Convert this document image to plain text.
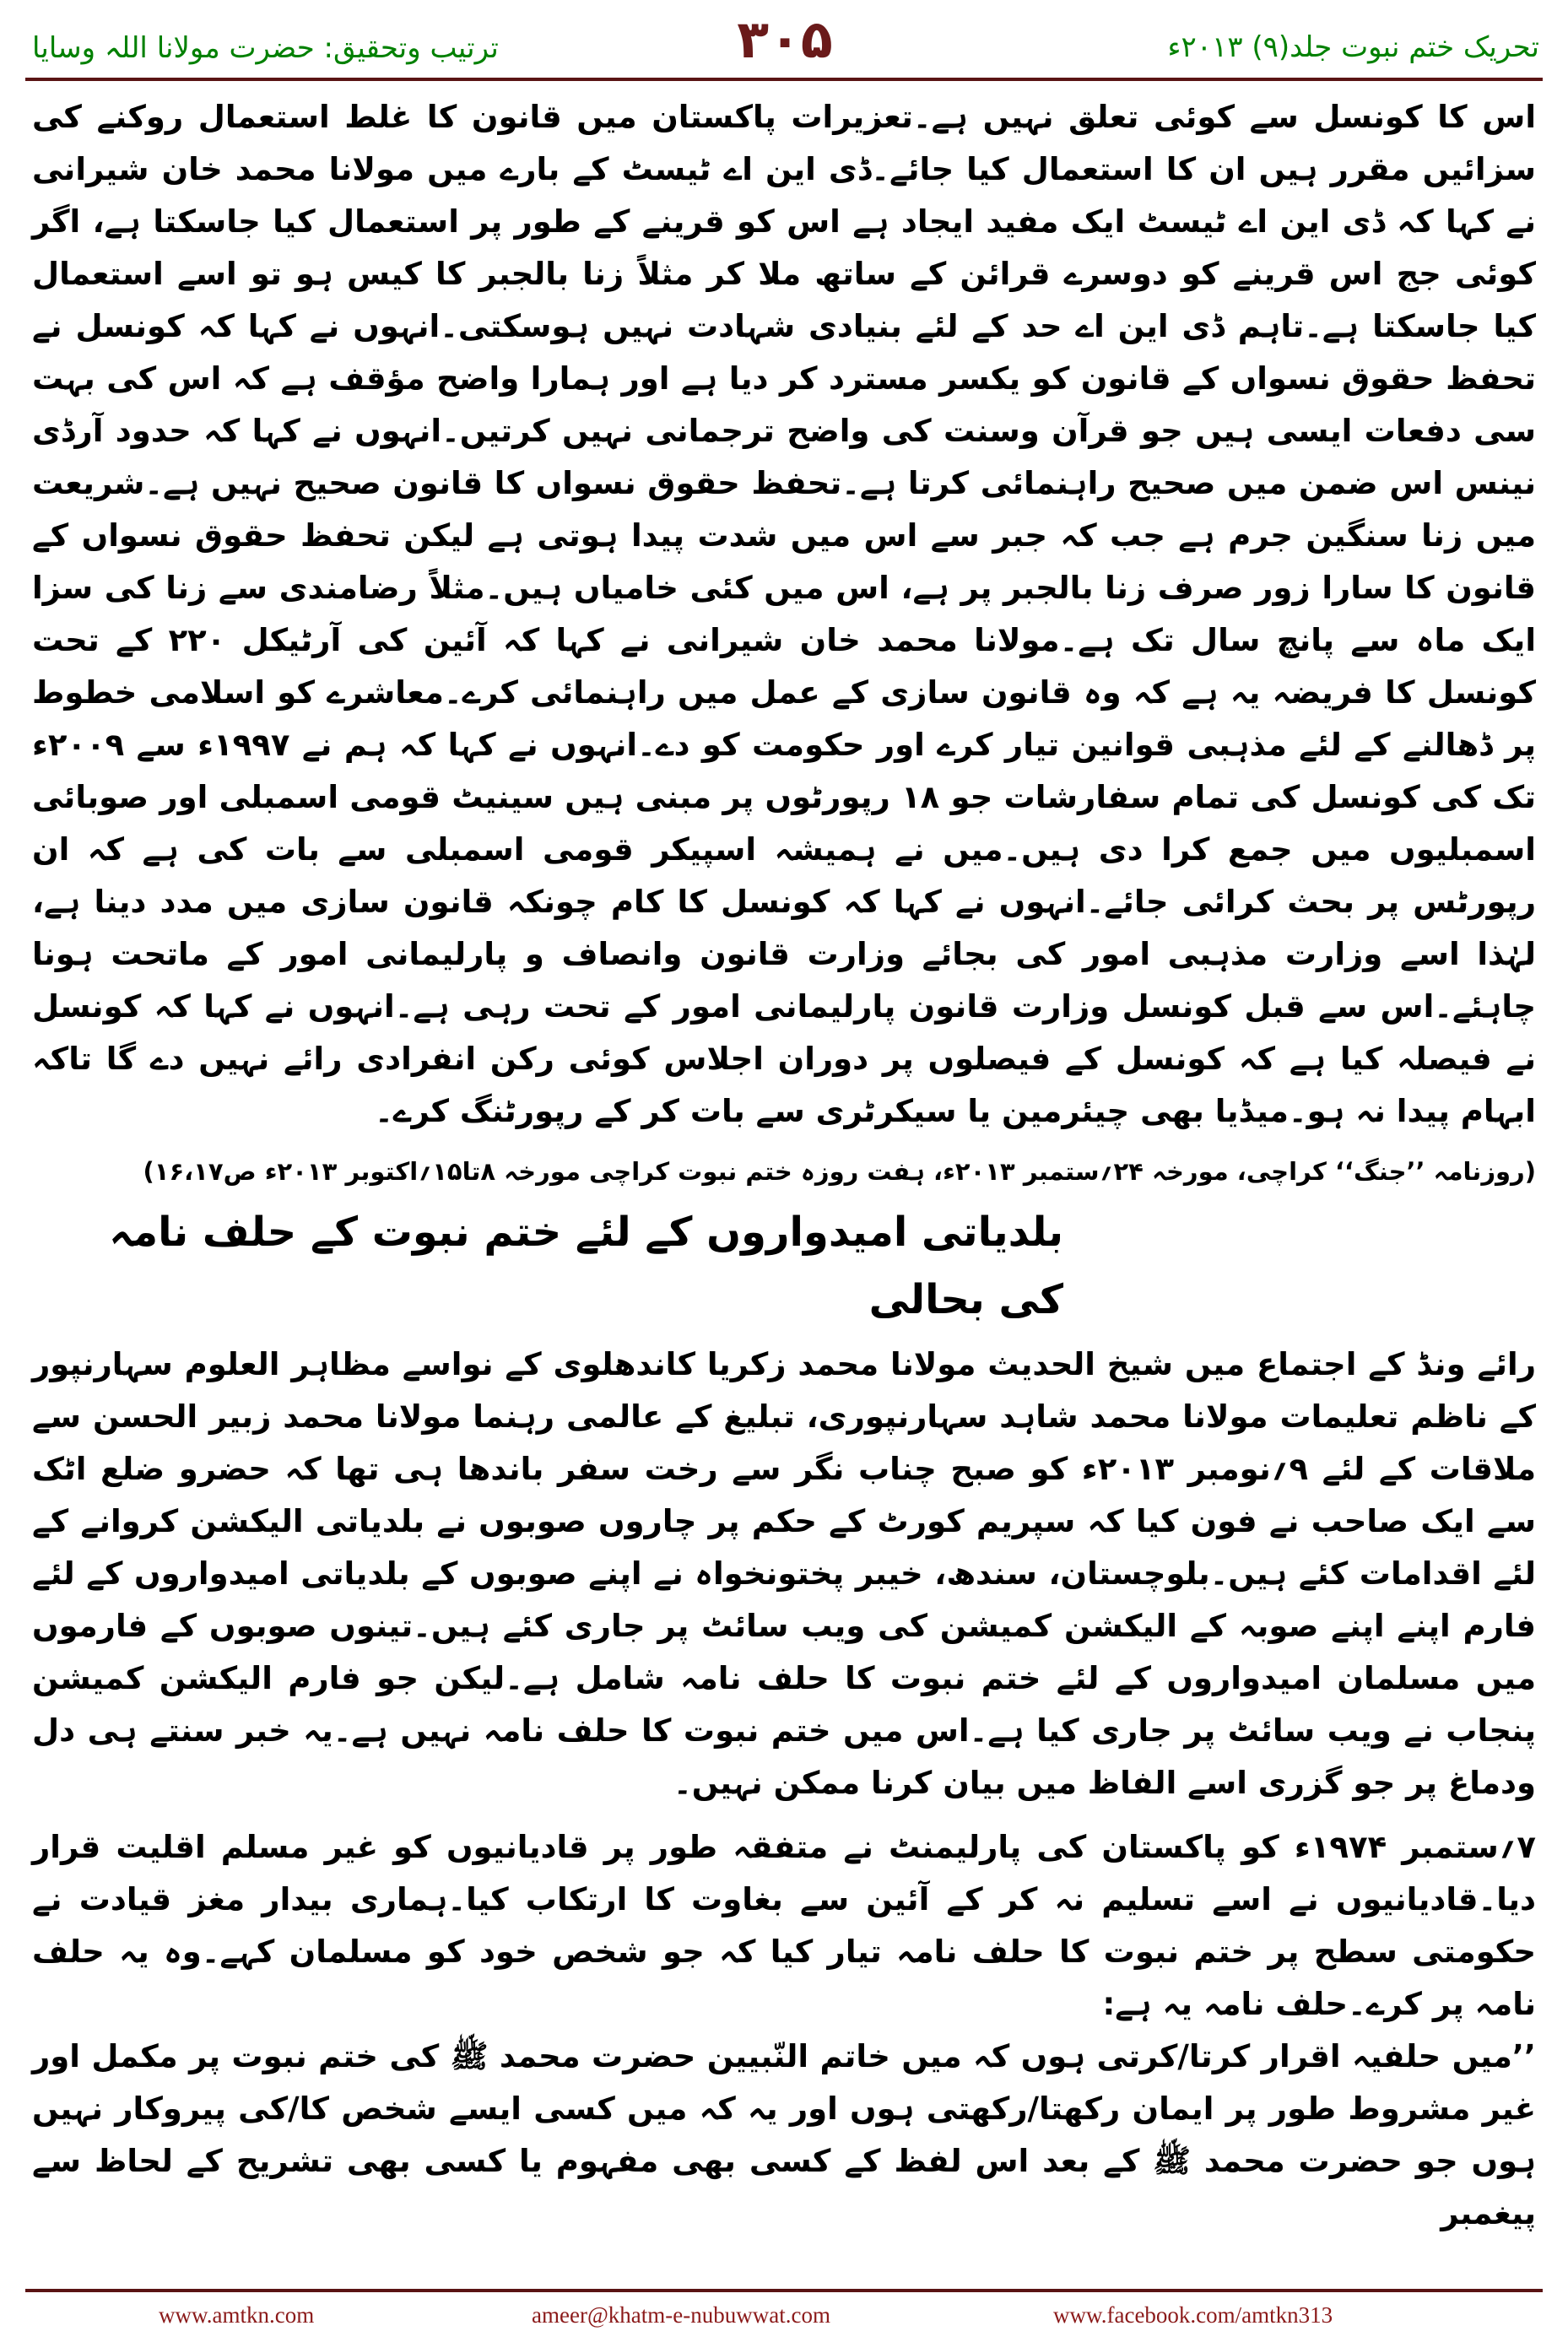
ترتیب وتحقیق: حضرت مولانا اللہ وسایا	۳۰۵	تحریک ختم نبوت جلد(۹) ۲۰۱۳ء

اس کا کونسل سے کوئی تعلق نہیں ہے۔تعزیرات پاکستان میں قانون کا غلط استعمال روکنے کی سزائیں مقرر ہیں ان کا استعمال کیا جائے۔ڈی این اے ٹیسٹ کے بارے میں مولانا محمد خان شیرانی نے کہا کہ ڈی این اے ٹیسٹ ایک مفید ایجاد ہے اس کو قرینے کے طور پر استعمال کیا جاسکتا ہے، اگر کوئی جج اس قرینے کو دوسرے قرائن کے ساتھ ملا کر مثلاً زنا بالجبر کا کیس ہو تو اسے استعمال کیا جاسکتا ہے۔تاہم ڈی این اے حد کے لئے بنیادی شہادت نہیں ہوسکتی۔انہوں نے کہا کہ کونسل نے تحفظ حقوق نسواں کے قانون کو یکسر مسترد کر دیا ہے اور ہمارا واضح مؤقف ہے کہ اس کی بہت سی دفعات ایسی ہیں جو قرآن وسنت کی واضح ترجمانی نہیں کرتیں۔انہوں نے کہا کہ حدود آرڈی نینس اس ضمن میں صحیح راہنمائی کرتا ہے۔تحفظ حقوق نسواں کا قانون صحیح نہیں ہے۔شریعت میں زنا سنگین جرم ہے جب کہ جبر سے اس میں شدت پیدا ہوتی ہے لیکن تحفظ حقوق نسواں کے قانون کا سارا زور صرف زنا بالجبر پر ہے، اس میں کئی خامیاں ہیں۔مثلاً رضامندی سے زنا کی سزا ایک ماہ سے پانچ سال تک ہے۔مولانا محمد خان شیرانی نے کہا کہ آئین کی آرٹیکل ۲۲۰ کے تحت کونسل کا فریضہ یہ ہے کہ وہ قانون سازی کے عمل میں راہنمائی کرے۔معاشرے کو اسلامی خطوط پر ڈھالنے کے لئے مذہبی قوانین تیار کرے اور حکومت کو دے۔انہوں نے کہا کہ ہم نے ۱۹۹۷ء سے ۲۰۰۹ء تک کی کونسل کی تمام سفارشات جو ۱۸ رپورٹوں پر مبنی ہیں سینیٹ قومی اسمبلی اور صوبائی اسمبلیوں میں جمع کرا دی ہیں۔میں نے ہمیشہ اسپیکر قومی اسمبلی سے بات کی ہے کہ ان رپورٹس پر بحث کرائی جائے۔انہوں نے کہا کہ کونسل کا کام چونکہ قانون سازی میں مدد دینا ہے، لہٰذا اسے وزارت مذہبی امور کی بجائے وزارت قانون وانصاف و پارلیمانی امور کے ماتحت ہونا چاہئے۔اس سے قبل کونسل وزارت قانون پارلیمانی امور کے تحت رہی ہے۔انہوں نے کہا کہ کونسل نے فیصلہ کیا ہے کہ کونسل کے فیصلوں پر دوران اجلاس کوئی رکن انفرادی رائے نہیں دے گا تاکہ ابہام پیدا نہ ہو۔میڈیا بھی چیئرمین یا سیکرٹری سے بات کر کے رپورٹنگ کرے۔

(روزنامہ ’’جنگ‘‘ کراچی، مورخہ ۲۴؍ستمبر ۲۰۱۳ء، ہفت روزہ ختم نبوت کراچی مورخہ ۸تا۱۵؍اکتوبر ۲۰۱۳ء ص۱۶،۱۷)

بلدیاتی امیدواروں کے لئے ختم نبوت کے حلف نامہ کی بحالی

رائے ونڈ کے اجتماع میں شیخ الحدیث مولانا محمد زکریا کاندھلوی کے نواسے مظاہر العلوم سہارنپور کے ناظم تعلیمات مولانا محمد شاہد سہارنپوری، تبلیغ کے عالمی رہنما مولانا محمد زبیر الحسن سے ملاقات کے لئے ۹؍نومبر ۲۰۱۳ء کو صبح چناب نگر سے رخت سفر باندھا ہی تھا کہ حضرو ضلع اٹک سے ایک صاحب نے فون کیا کہ سپریم کورٹ کے حکم پر چاروں صوبوں نے بلدیاتی الیکشن کروانے کے لئے اقدامات کئے ہیں۔بلوچستان، سندھ، خیبر پختونخواہ نے اپنے صوبوں کے بلدیاتی امیدواروں کے لئے فارم اپنے اپنے صوبہ کے الیکشن کمیشن کی ویب سائٹ پر جاری کئے ہیں۔تینوں صوبوں کے فارموں میں مسلمان امیدواروں کے لئے ختم نبوت کا حلف نامہ شامل ہے۔لیکن جو فارم الیکشن کمیشن پنجاب نے ویب سائٹ پر جاری کیا ہے۔اس میں ختم نبوت کا حلف نامہ نہیں ہے۔یہ خبر سنتے ہی دل ودماغ پر جو گزری اسے الفاظ میں بیان کرنا ممکن نہیں۔

۷؍ستمبر ۱۹۷۴ء کو پاکستان کی پارلیمنٹ نے متفقہ طور پر قادیانیوں کو غیر مسلم اقلیت قرار دیا۔قادیانیوں نے اسے تسلیم نہ کر کے آئین سے بغاوت کا ارتکاب کیا۔ہماری بیدار مغز قیادت نے حکومتی سطح پر ختم نبوت کا حلف نامہ تیار کیا کہ جو شخص خود کو مسلمان کہے۔وہ یہ حلف نامہ پر کرے۔حلف نامہ یہ ہے:

’’میں حلفیہ اقرار کرتا/کرتی ہوں کہ میں خاتم النّبیین حضرت محمد ﷺ کی ختم نبوت پر مکمل اور غیر مشروط طور پر ایمان رکھتا/رکھتی ہوں اور یہ کہ میں کسی ایسے شخص کا/کی پیروکار نہیں ہوں جو حضرت محمد ﷺ کے بعد اس لفظ کے کسی بھی مفہوم یا کسی بھی تشریح کے لحاظ سے پیغمبر

www.amtkn.com	ameer@khatm-e-nubuwwat.com	www.facebook.com/amtkn313
